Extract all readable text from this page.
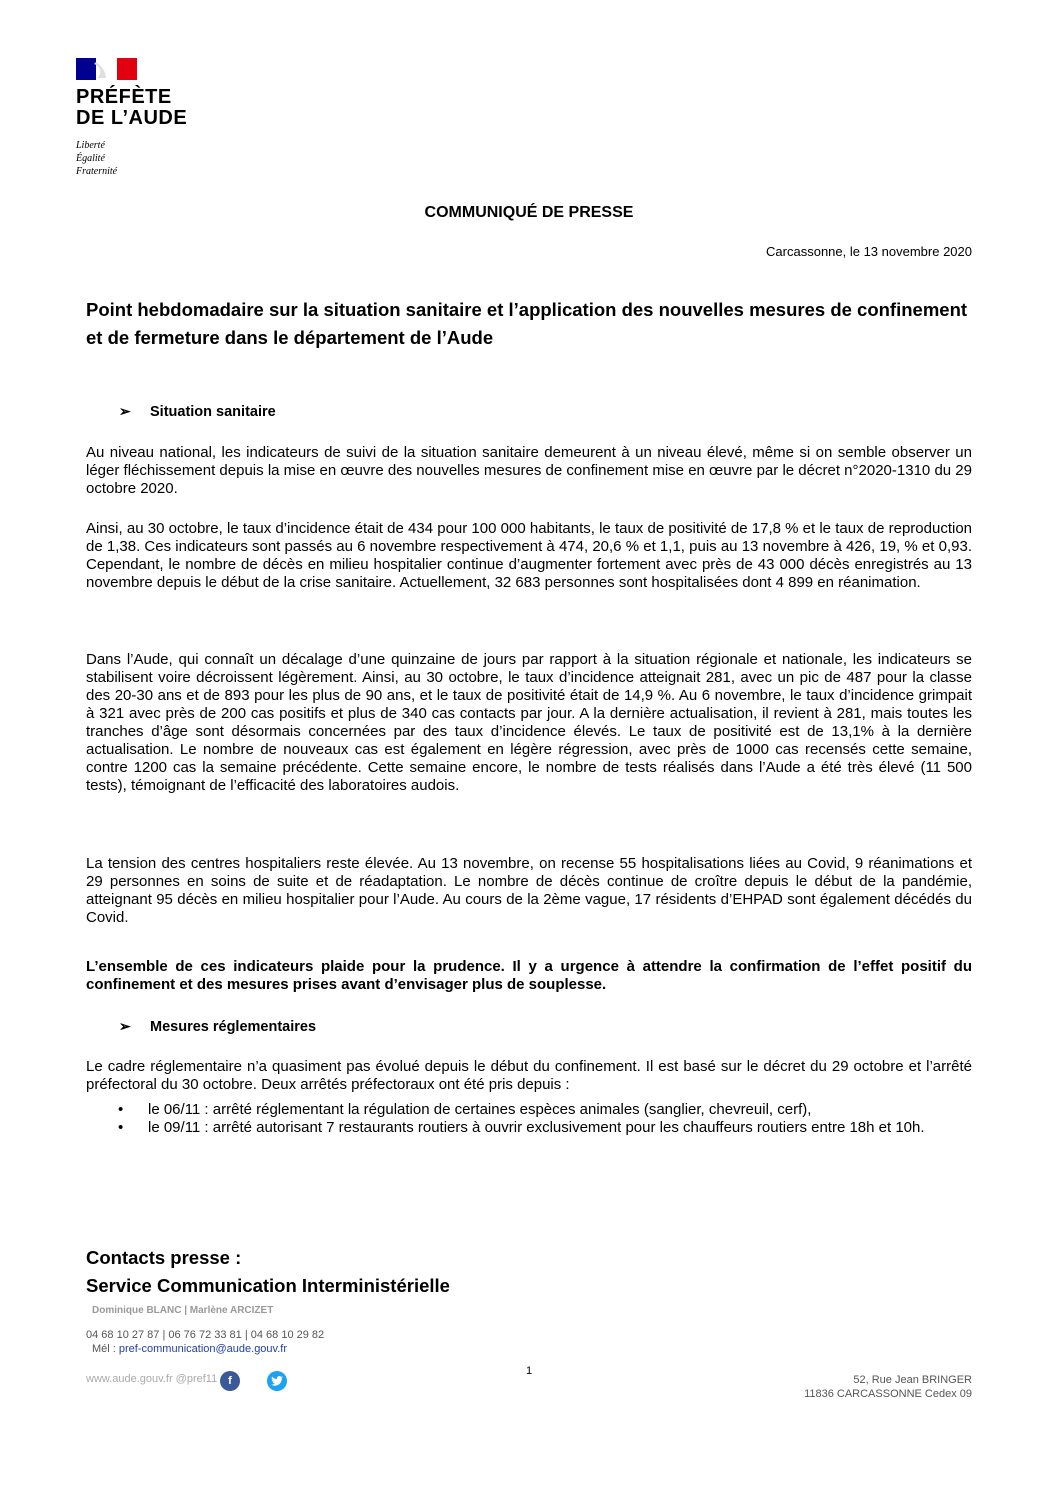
PRÉFÈTE
DE L’AUDE
Liberté
Égalité
Fraternité
COMMUNIQUÉ DE PRESSE
Carcassonne, le 13 novembre 2020
Point hebdomadaire sur la situation sanitaire et l’application des nouvelles mesures de confinement et de fermeture dans le département de l’Aude
➢	Situation sanitaire
Au niveau national, les indicateurs de suivi de la situation sanitaire demeurent à un niveau élevé, même si on semble observer un léger fléchissement depuis la mise en œuvre des nouvelles mesures de confinement mise en œuvre par le décret n°2020-1310 du 29 octobre 2020.
Ainsi, au 30 octobre, le taux d’incidence était de 434 pour 100 000 habitants, le taux de positivité de 17,8 % et le taux de reproduction de 1,38. Ces indicateurs sont passés au 6 novembre respectivement à 474, 20,6 % et 1,1, puis au 13 novembre à 426, 19, % et 0,93. Cependant, le nombre de décès en milieu hospitalier continue d’augmenter fortement avec près de 43 000 décès enregistrés au 13 novembre depuis le début de la crise sanitaire. Actuellement, 32 683 personnes sont hospitalisées dont 4 899 en réanimation.
Dans l’Aude, qui connaît un décalage d’une quinzaine de jours par rapport à la situation régionale et nationale, les indicateurs se stabilisent voire décroissent légèrement. Ainsi, au 30 octobre, le taux d’incidence atteignait 281, avec un pic de 487 pour la classe des 20-30 ans et de 893 pour les plus de 90 ans, et le taux de positivité était de 14,9 %. Au 6 novembre, le taux d’incidence grimpait à 321 avec près de 200 cas positifs et plus de 340 cas contacts par jour. A la dernière actualisation, il revient à 281, mais toutes les tranches d’âge sont désormais concernées par des taux d’incidence élevés. Le taux de positivité est de 13,1% à la dernière actualisation. Le nombre de nouveaux cas est également en légère régression, avec près de 1000 cas recensés cette semaine, contre 1200 cas la semaine précédente. Cette semaine encore, le nombre de tests réalisés dans l’Aude a été très élevé (11 500 tests), témoignant de l’efficacité des laboratoires audois.
La tension des centres hospitaliers reste élevée. Au 13 novembre, on recense 55 hospitalisations liées au Covid, 9 réanimations et 29 personnes en soins de suite et de réadaptation. Le nombre de décès continue de croître depuis le début de la pandémie, atteignant 95 décès en milieu hospitalier pour l’Aude. Au cours de la 2ème vague, 17 résidents d’EHPAD sont également décédés du Covid.
L’ensemble de ces indicateurs plaide pour la prudence. Il y a urgence à attendre la confirmation de l’effet positif du confinement et des mesures prises avant d’envisager plus de souplesse.
➢	Mesures réglementaires
Le cadre réglementaire n’a quasiment pas évolué depuis le début du confinement. Il est basé sur le décret du 29 octobre et l’arrêté préfectoral du 30 octobre. Deux arrêtés préfectoraux ont été pris depuis :
• le 06/11 : arrêté réglementant la régulation de certaines espèces animales (sanglier, chevreuil, cerf),
• le 09/11 : arrêté autorisant 7 restaurants routiers à ouvrir exclusivement pour les chauffeurs routiers entre 18h et 10h.
Contacts presse :
Service Communication Interministérielle
Dominique BLANC | Marlène ARCIZET
04 68 10 27 87 | 06 76 72 33 81 | 04 68 10 29 82
Mél : pref-communication@aude.gouv.fr
1
www.aude.gouv.fr @pref11 f	52, Rue Jean BRINGER
11836 CARCASSONNE Cedex 09
